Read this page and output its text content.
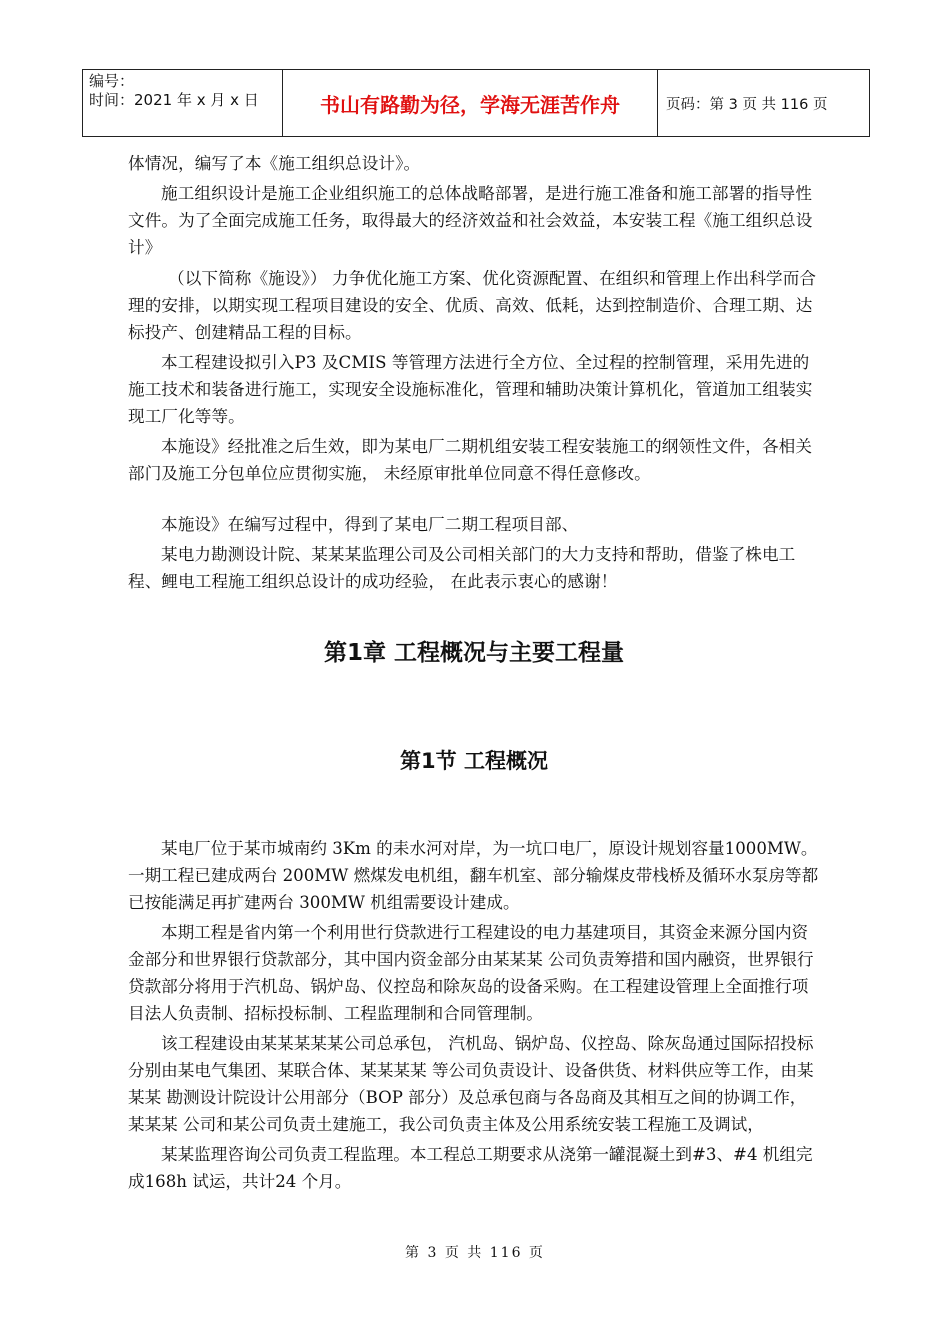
编号：
时间：2021 年 x 月 x 日	书山有路勤为径，学海无涯苦作舟	页码：第 3 页 共 116 页

体情况，编写了本《施工组织总设计》。

施工组织设计是施工企业组织施工的总体战略部署，是进行施工准备和施工部署的指导性文件。为了全面完成施工任务，取得最大的经济效益和社会效益，本安装工程《施工组织总设计》

（以下简称《施设》） 力争优化施工方案、优化资源配置、在组织和管理上作出科学而合理的安排，以期实现工程项目建设的安全、优质、高效、低耗，达到控制造价、合理工期、达标投产、创建精品工程的目标。

本工程建设拟引入P3 及CMIS 等管理方法进行全方位、全过程的控制管理，采用先进的施工技术和装备进行施工，实现安全设施标准化，管理和辅助决策计算机化，管道加工组装实现工厂化等等。

本施设》经批准之后生效，即为某电厂二期机组安装工程安装施工的纲领性文件，各相关部门及施工分包单位应贯彻实施， 未经原审批单位同意不得任意修改。

本施设》在编写过程中，得到了某电厂二期工程项目部、

某电力勘测设计院、某某某监理公司及公司相关部门的大力支持和帮助，借鉴了株电工程、鲤电工程施工组织总设计的成功经验， 在此表示衷心的感谢！

第1章 工程概况与主要工程量
第1节 工程概况

某电厂位于某市城南约 3Km 的耒水河对岸，为一坑口电厂，原设计规划容量1000MW。一期工程已建成两台 200MW 燃煤发电机组，翻车机室、部分输煤皮带栈桥及循环水泵房等都已按能满足再扩建两台 300MW 机组需要设计建成。

本期工程是省内第一个利用世行贷款进行工程建设的电力基建项目，其资金来源分国内资金部分和世界银行贷款部分，其中国内资金部分由某某某 公司负责筹措和国内融资，世界银行贷款部分将用于汽机岛、锅炉岛、仪控岛和除灰岛的设备采购。在工程建设管理上全面推行项目法人负责制、招标投标制、工程监理制和合同管理制。

该工程建设由某某某某某公司总承包， 汽机岛、锅炉岛、仪控岛、除灰岛通过国际招投标分别由某电气集团、某联合体、某某某某 等公司负责设计、设备供货、材料供应等工作，由某某某 勘测设计院设计公用部分（BOP 部分）及总承包商与各岛商及其相互之间的协调工作，某某某 公司和某公司负责土建施工，我公司负责主体及公用系统安装工程施工及调试，

某某监理咨询公司负责工程监理。本工程总工期要求从浇第一罐混凝土到#3、#4 机组完成168h 试运，共计24 个月。

第 3 页 共 116 页
